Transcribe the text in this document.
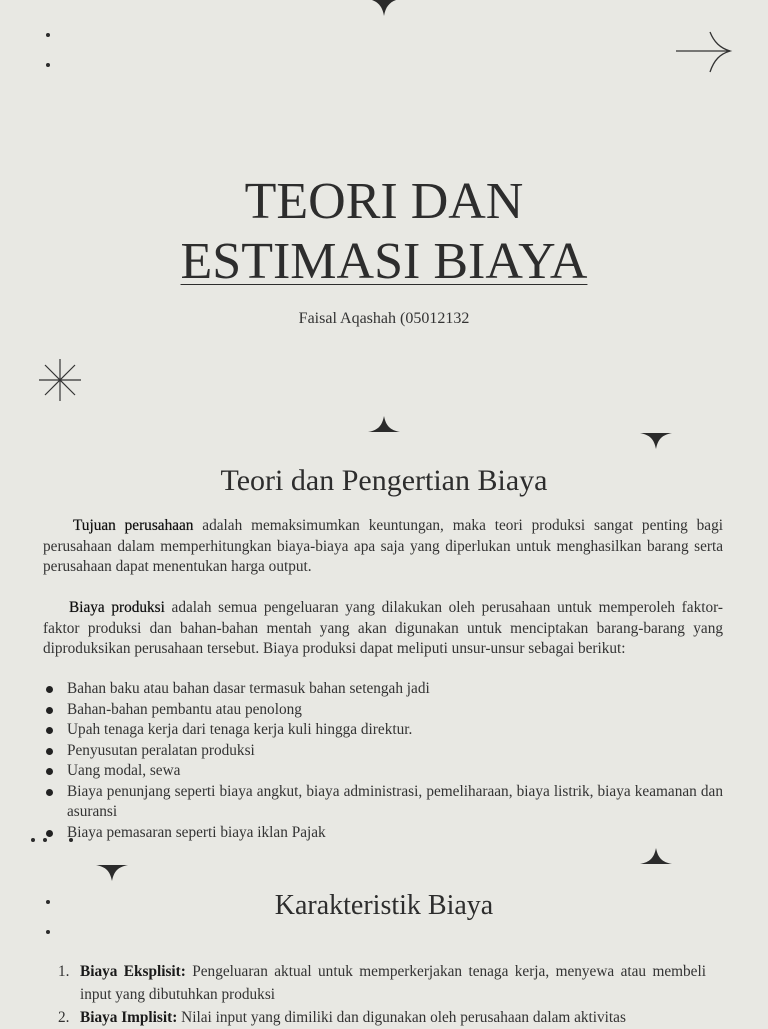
TEORI DAN
ESTIMASI BIAYA
Faisal Aqashah (05012132
Teori dan Pengertian Biaya

Tujuan perusahaan adalah memaksimumkan keuntungan, maka teori produksi sangat penting bagi perusahaan dalam memperhitungkan biaya-biaya apa saja yang diperlukan untuk menghasilkan barang serta perusahaan dapat menentukan harga output.

Biaya produksi adalah semua pengeluaran yang dilakukan oleh perusahaan untuk memperoleh faktor-faktor produksi dan bahan-bahan mentah yang akan digunakan untuk menciptakan barang-barang yang diproduksikan perusahaan tersebut. Biaya produksi dapat meliputi unsur-unsur sebagai berikut:

Bahan baku atau bahan dasar termasuk bahan setengah jadi
Bahan-bahan pembantu atau penolong
Upah tenaga kerja dari tenaga kerja kuli hingga direktur.
Penyusutan peralatan produksi
Uang modal, sewa
Biaya penunjang seperti biaya angkut, biaya administrasi, pemeliharaan, biaya listrik, biaya keamanan dan asuransi
Biaya pemasaran seperti biaya iklan Pajak
Karakteristik Biaya
1. Biaya Eksplisit: Pengeluaran aktual untuk memperkerjakan tenaga kerja, menyewa atau membeli input yang dibutuhkan produksi
2. Biaya Implisit: Nilai input yang dimiliki dan digunakan oleh perusahaan dalam aktivitas
